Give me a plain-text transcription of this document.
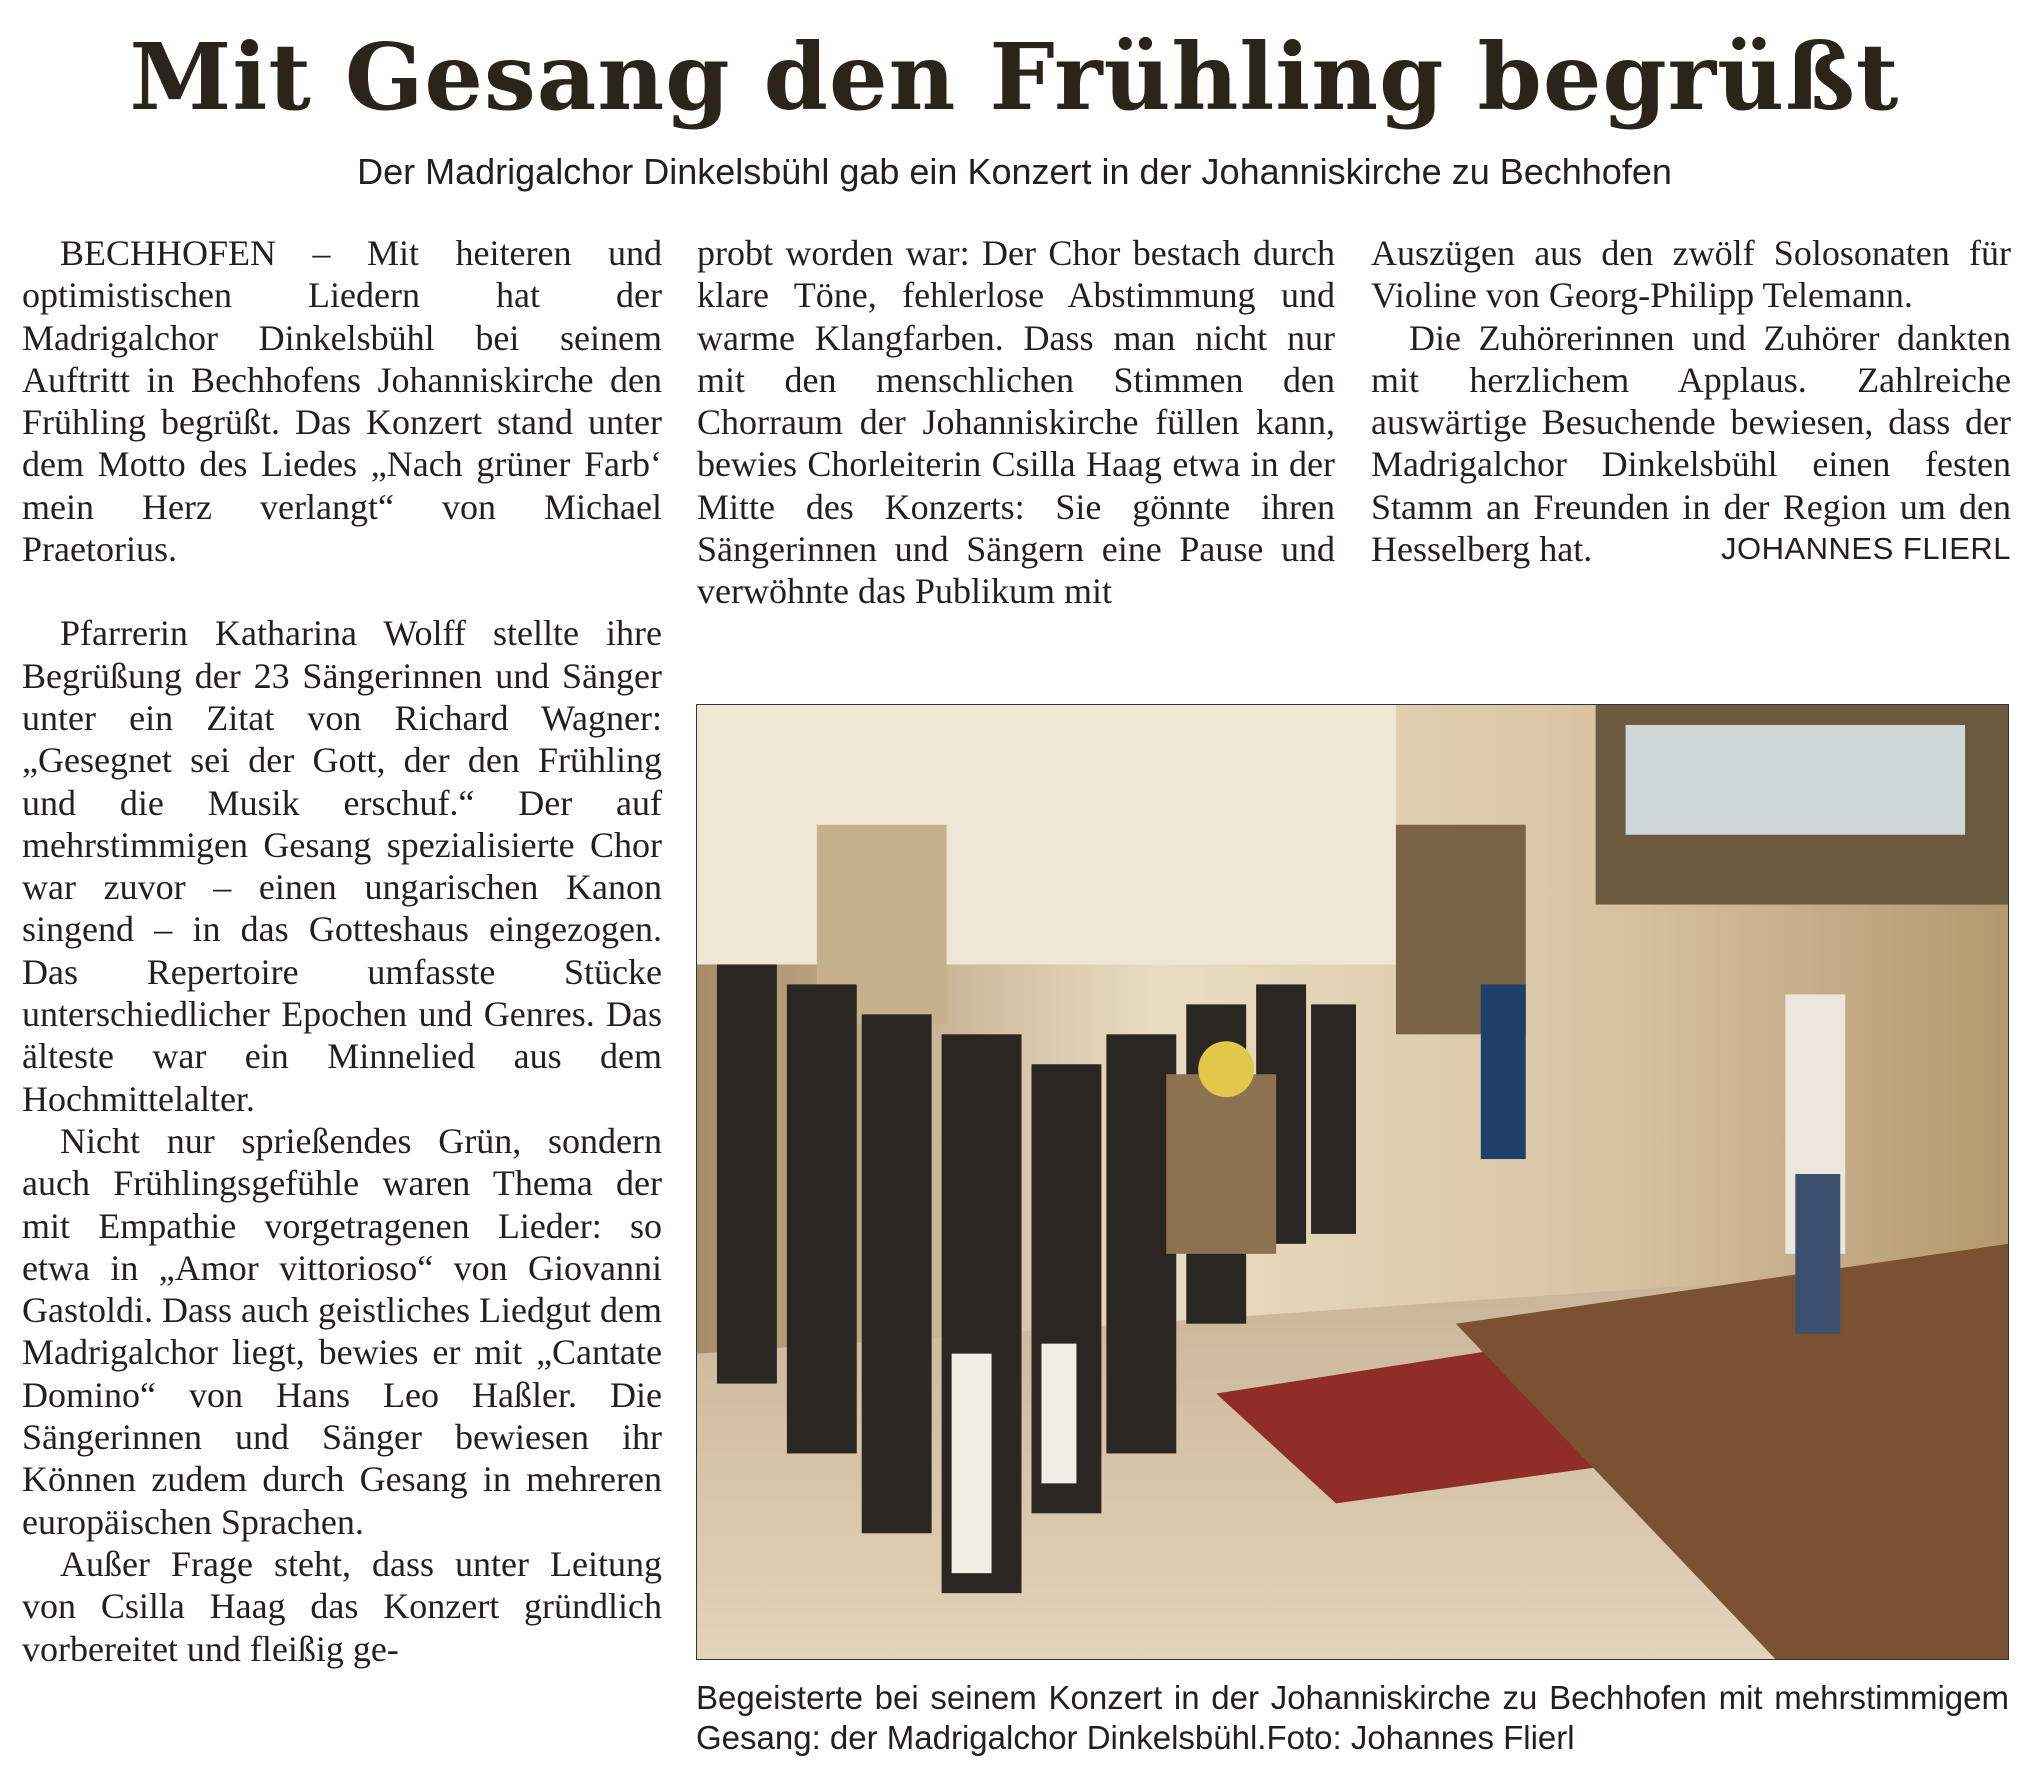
Mit Gesang den Frühling begrüßt
Der Madrigalchor Dinkelsbühl gab ein Konzert in der Johanniskirche zu Bechhofen

BECHHOFEN – Mit heiteren und optimistischen Liedern hat der Madrigalchor Dinkelsbühl bei seinem Auftritt in Bechhofens Johanniskirche den Frühling begrüßt. Das Konzert stand unter dem Motto des Liedes „Nach grüner Farb‘ mein Herz verlangt“ von Michael Praetorius.

Pfarrerin Katharina Wolff stellte ihre Begrüßung der 23 Sängerinnen und Sänger unter ein Zitat von Richard Wagner: „Gesegnet sei der Gott, der den Frühling und die Musik erschuf.“ Der auf mehrstimmigen Gesang spezialisierte Chor war zuvor – einen ungarischen Kanon singend – in das Gotteshaus eingezogen. Das Repertoire umfasste Stücke unterschiedlicher Epochen und Genres. Das älteste war ein Minnelied aus dem Hochmittelalter.

Nicht nur sprießendes Grün, sondern auch Frühlingsgefühle waren Thema der mit Empathie vorgetragenen Lieder: so etwa in „Amor vittorioso“ von Giovanni Gastoldi. Dass auch geistliches Liedgut dem Madrigalchor liegt, bewies er mit „Cantate Domino“ von Hans Leo Haßler. Die Sängerinnen und Sänger bewiesen ihr Können zudem durch Gesang in mehreren europäischen Sprachen.

Außer Frage steht, dass unter Leitung von Csilla Haag das Konzert gründlich vorbereitet und fleißig ge-

probt worden war: Der Chor bestach durch klare Töne, fehlerlose Abstimmung und warme Klangfarben. Dass man nicht nur mit den menschlichen Stimmen den Chorraum der Johanniskirche füllen kann, bewies Chorleiterin Csilla Haag etwa in der Mitte des Konzerts: Sie gönnte ihren Sängerinnen und Sängern eine Pause und verwöhnte das Publikum mit

Auszügen aus den zwölf Solosonaten für Violine von Georg-Philipp Telemann.

Die Zuhörerinnen und Zuhörer dankten mit herzlichem Applaus. Zahlreiche auswärtige Besuchende bewiesen, dass der Madrigalchor Dinkelsbühl einen festen Stamm an Freunden in der Region um den Hesselberg hat.	JOHANNES FLIERL

Begeisterte bei seinem Konzert in der Johanniskirche zu Bechhofen mit mehrstimmigem Gesang: der Madrigalchor Dinkelsbühl.Foto: Johannes Flierl
